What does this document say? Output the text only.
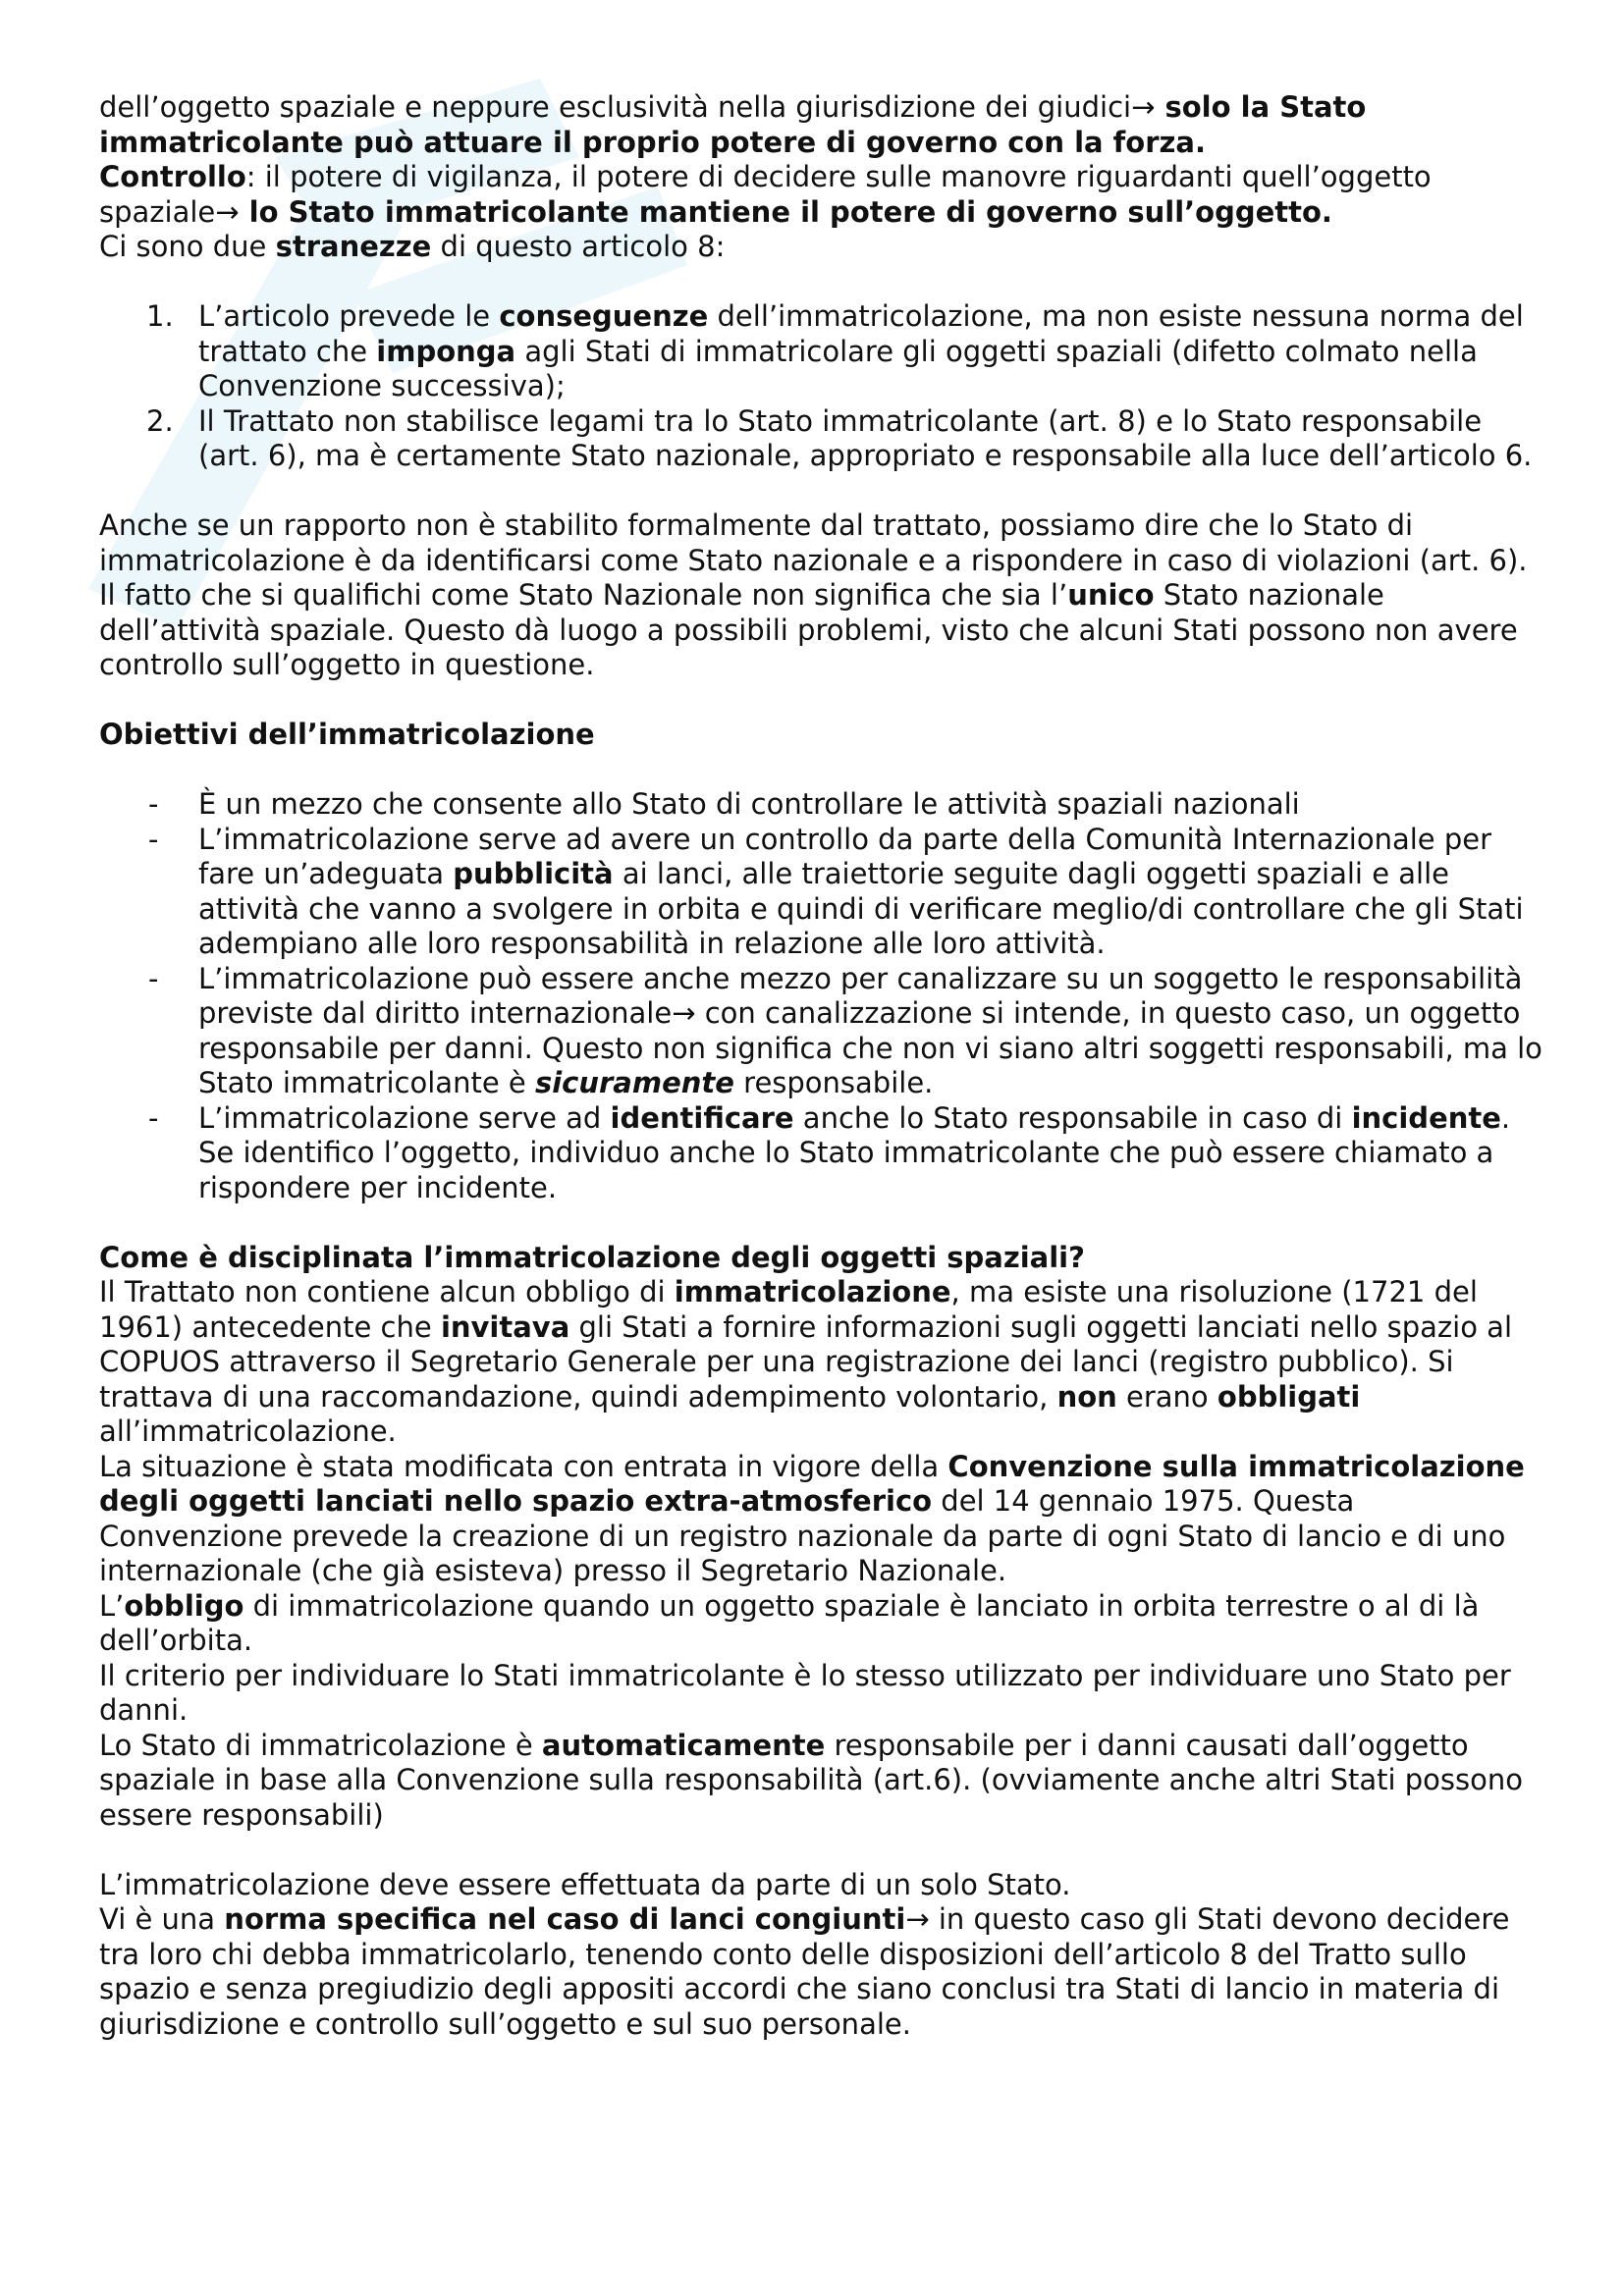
dell’oggetto spaziale e neppure esclusività nella giurisdizione dei giudici→ solo la Stato immatricolante può attuare il proprio potere di governo con la forza.
Controllo: il potere di vigilanza, il potere di decidere sulle manovre riguardanti quell’oggetto spaziale→ lo Stato immatricolante mantiene il potere di governo sull’oggetto.
Ci sono due stranezze di questo articolo 8:

1. L’articolo prevede le conseguenze dell’immatricolazione, ma non esiste nessuna norma del trattato che imponga agli Stati di immatricolare gli oggetti spaziali (difetto colmato nella Convenzione successiva);
2. Il Trattato non stabilisce legami tra lo Stato immatricolante (art. 8) e lo Stato responsabile (art. 6), ma è certamente Stato nazionale, appropriato e responsabile alla luce dell’articolo 6.

Anche se un rapporto non è stabilito formalmente dal trattato, possiamo dire che lo Stato di immatricolazione è da identificarsi come Stato nazionale e a rispondere in caso di violazioni (art. 6).
Il fatto che si qualifichi come Stato Nazionale non significa che sia l’unico Stato nazionale dell’attività spaziale. Questo dà luogo a possibili problemi, visto che alcuni Stati possono non avere controllo sull’oggetto in questione.

Obiettivi dell’immatricolazione

- È un mezzo che consente allo Stato di controllare le attività spaziali nazionali
- L’immatricolazione serve ad avere un controllo da parte della Comunità Internazionale per fare un’adeguata pubblicità ai lanci, alle traiettorie seguite dagli oggetti spaziali e alle attività che vanno a svolgere in orbita e quindi di verificare meglio/di controllare che gli Stati adempiano alle loro responsabilità in relazione alle loro attività.
- L’immatricolazione può essere anche mezzo per canalizzare su un soggetto le responsabilità previste dal diritto internazionale→ con canalizzazione si intende, in questo caso, un oggetto responsabile per danni. Questo non significa che non vi siano altri soggetti responsabili, ma lo Stato immatricolante è sicuramente responsabile.
- L’immatricolazione serve ad identificare anche lo Stato responsabile in caso di incidente. Se identifico l’oggetto, individuo anche lo Stato immatricolante che può essere chiamato a rispondere per incidente.

Come è disciplinata l’immatricolazione degli oggetti spaziali?

Il Trattato non contiene alcun obbligo di immatricolazione, ma esiste una risoluzione (1721 del 1961) antecedente che invitava gli Stati a fornire informazioni sugli oggetti lanciati nello spazio al COPUOS attraverso il Segretario Generale per una registrazione dei lanci (registro pubblico). Si trattava di una raccomandazione, quindi adempimento volontario, non erano obbligati all’immatricolazione.
La situazione è stata modificata con entrata in vigore della Convenzione sulla immatricolazione degli oggetti lanciati nello spazio extra-atmosferico del 14 gennaio 1975. Questa Convenzione prevede la creazione di un registro nazionale da parte di ogni Stato di lancio e di uno internazionale (che già esisteva) presso il Segretario Nazionale.
L’obbligo di immatricolazione quando un oggetto spaziale è lanciato in orbita terrestre o al di là dell’orbita.
Il criterio per individuare lo Stati immatricolante è lo stesso utilizzato per individuare uno Stato per danni.
Lo Stato di immatricolazione è automaticamente responsabile per i danni causati dall’oggetto spaziale in base alla Convenzione sulla responsabilità (art.6). (ovviamente anche altri Stati possono essere responsabili)

L’immatricolazione deve essere effettuata da parte di un solo Stato.
Vi è una norma specifica nel caso di lanci congiunti→ in questo caso gli Stati devono decidere tra loro chi debba immatricolarlo, tenendo conto delle disposizioni dell’articolo 8 del Tratto sullo spazio e senza pregiudizio degli appositi accordi che siano conclusi tra Stati di lancio in materia di giurisdizione e controllo sull’oggetto e sul suo personale.
